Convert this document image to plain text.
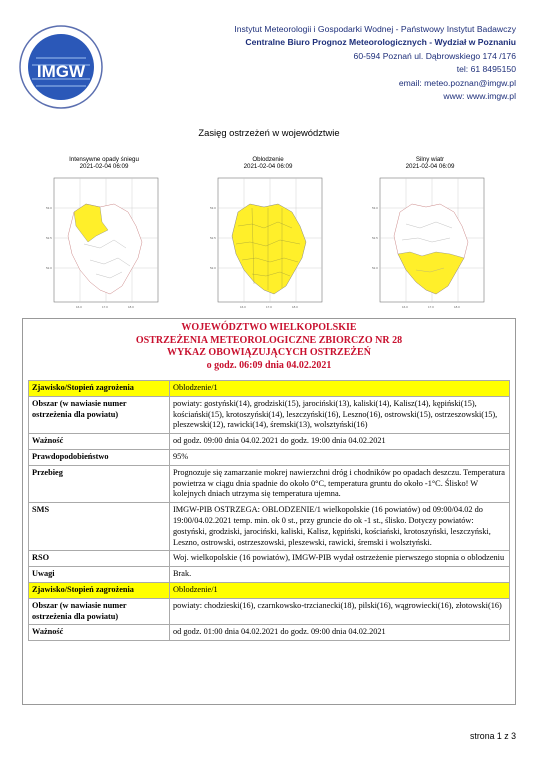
IMGW
Instytut Meteorologii i Gospodarki Wodnej - Państwowy Instytut Badawczy
Centralne Biuro Prognoz Meteorologicznych - Wydział w Poznaniu
60-594 Poznań ul. Dąbrowskiego 174 /176
tel: 61 8495150
email: meteo.poznan@imgw.pl
www: www.imgw.pl
Zasięg ostrzeżeń w województwie
Intensywne opady śniegu
2021-02-04 06:09
53.0
52.5
52.0
16.0	17.0	18.0
Oblodzenie
2021-02-04 06:09
53.0
52.5
52.0
16.0	17.0	18.0
Silny wiatr
2021-02-04 06:09
53.0
52.5
52.0
16.0	17.0	18.0
WOJEWÓDZTWO WIELKOPOLSKIE
OSTRZEŻENIA METEOROLOGICZNE ZBIORCZO NR 28
WYKAZ OBOWIĄZUJĄCYCH OSTRZEŻEŃ
o godz. 06:09 dnia 04.02.2021
Zjawisko/Stopień zagrożenia	Oblodzenie/1
Obszar (w nawiasie numer ostrzeżenia dla powiatu)	powiaty: gostyński(14), grodziski(15), jarociński(13), kaliski(14), Kalisz(14), kępiński(15), kościański(15), krotoszyński(14), leszczyński(16), Leszno(16), ostrowski(15), ostrzeszowski(15), pleszewski(12), rawicki(14), śremski(13), wolsztyński(16)
Ważność	od godz. 09:00 dnia 04.02.2021 do godz. 19:00 dnia 04.02.2021
Prawdopodobieństwo	95%
Przebieg	Prognozuje się zamarzanie mokrej nawierzchni dróg i chodników po opadach deszczu. Temperatura powietrza w ciągu dnia spadnie do około 0°C, temperatura gruntu do około -1°C. Ślisko! W kolejnych dniach utrzyma się temperatura ujemna.
SMS	IMGW-PIB OSTRZEGA: OBLODZENIE/1 wielkopolskie (16 powiatów) od 09:00/04.02 do 19:00/04.02.2021 temp. min. ok 0 st., przy gruncie do ok -1 st., ślisko. Dotyczy powiatów: gostyński, grodziski, jarociński, kaliski, Kalisz, kępiński, kościański, krotoszyński, leszczyński, Leszno, ostrowski, ostrzeszowski, pleszewski, rawicki, śremski i wolsztyński.
RSO	Woj. wielkopolskie (16 powiatów), IMGW-PIB wydał ostrzeżenie pierwszego stopnia o oblodzeniu
Uwagi	Brak.
Zjawisko/Stopień zagrożenia	Oblodzenie/1
Obszar (w nawiasie numer ostrzeżenia dla powiatu)	powiaty: chodzieski(16), czarnkowsko-trzcianecki(18), pilski(16), wągrowiecki(16), złotowski(16)
Ważność	od godz. 01:00 dnia 04.02.2021 do godz. 09:00 dnia 04.02.2021
strona 1 z 3
